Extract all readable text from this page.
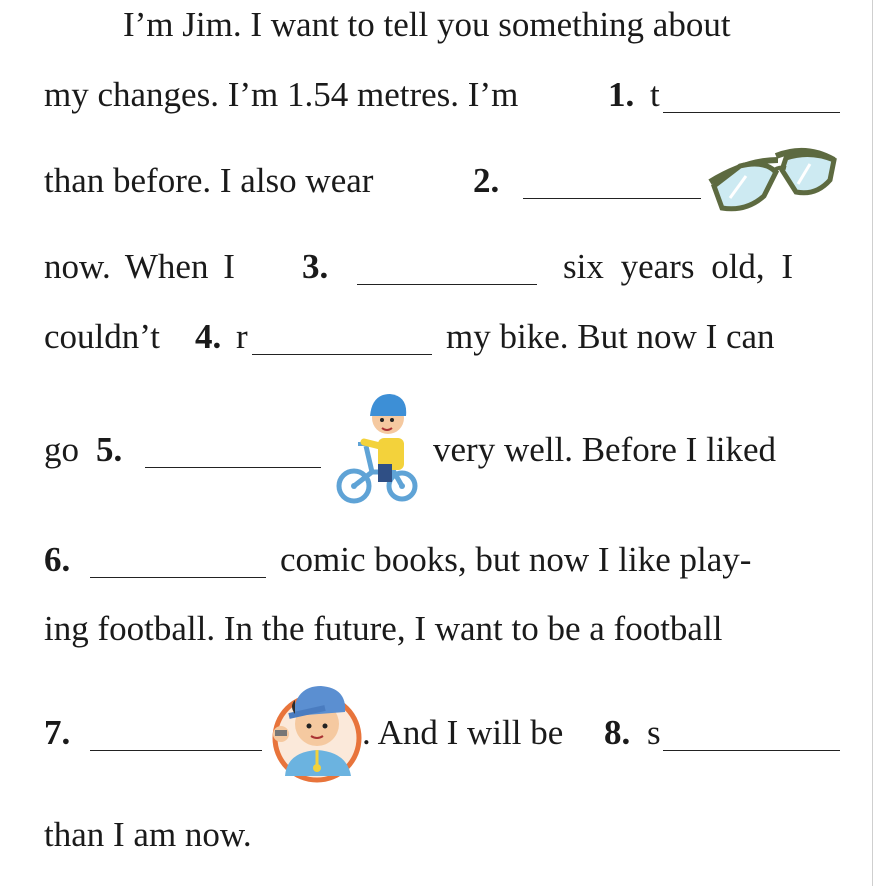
I’m Jim. I want to tell you something about
my changes. I’m 1.54 metres. I’m	1. t
than before. I also wear	2.
now. When I 3.	six years old, I
couldn’t 4. r	my bike. But now I can
go 5.	very well. Before I liked
6.	comic books, but now I like play-
ing football. In the future, I want to be a football
7.	. And I will be 8. s
than I am now.
